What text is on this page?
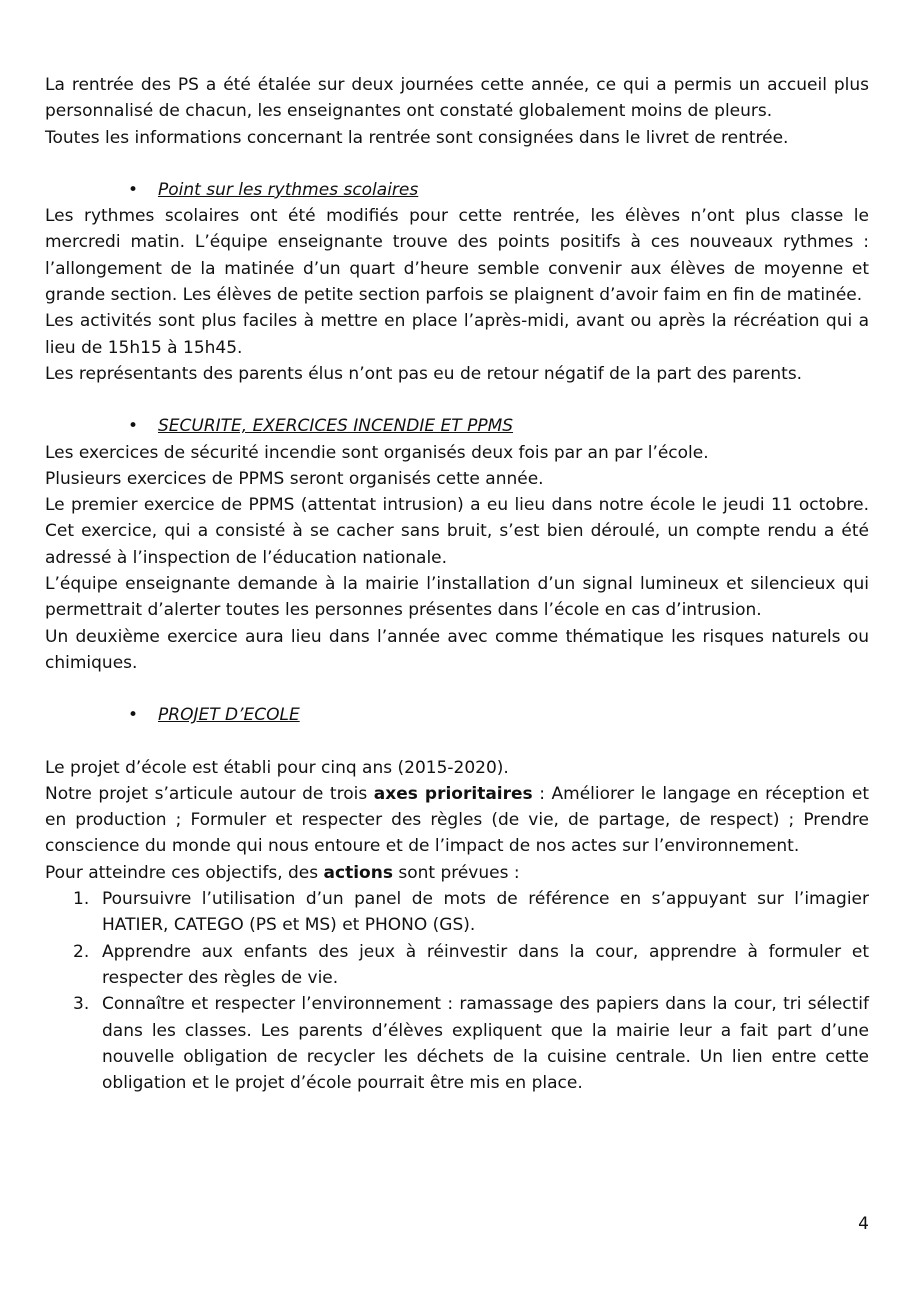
La rentrée des PS a été étalée sur deux journées cette année, ce qui a permis un accueil plus personnalisé de chacun, les enseignantes ont constaté globalement moins de pleurs.

Toutes les informations concernant la rentrée sont consignées dans le livret de rentrée.

• Point sur les rythmes scolaires

Les rythmes scolaires ont été modifiés pour cette rentrée, les élèves n’ont plus classe le mercredi matin. L’équipe enseignante trouve des points positifs à ces nouveaux rythmes : l’allongement de la matinée d’un quart d’heure semble convenir aux élèves de moyenne et grande section. Les élèves de petite section parfois se plaignent d’avoir faim en fin de matinée.

Les activités sont plus faciles à mettre en place l’après-midi, avant ou après la récréation qui a lieu de 15h15 à 15h45.

Les représentants des parents élus n’ont pas eu de retour négatif de la part des parents.

• SECURITE, EXERCICES INCENDIE ET PPMS

Les exercices de sécurité incendie sont organisés deux fois par an par l’école.

Plusieurs exercices de PPMS seront organisés cette année.

Le premier exercice de PPMS (attentat intrusion) a eu lieu dans notre école le jeudi 11 octobre. Cet exercice, qui a consisté à se cacher sans bruit, s’est bien déroulé, un compte rendu a été adressé à l’inspection de l’éducation nationale.

L’équipe enseignante demande à la mairie l’installation d’un signal lumineux et silencieux qui permettrait d’alerter toutes les personnes présentes dans l’école en cas d’intrusion.

Un deuxième exercice aura lieu dans l’année avec comme thématique les risques naturels ou chimiques.

• PROJET D’ECOLE

Le projet d’école est établi pour cinq ans (2015-2020).

Notre projet s’articule autour de trois axes prioritaires : Améliorer le langage en réception et en production ; Formuler et respecter des règles (de vie, de partage, de respect) ; Prendre conscience du monde qui nous entoure et de l’impact de nos actes sur l’environnement.

Pour atteindre ces objectifs, des actions sont prévues :

1. Poursuivre l’utilisation d’un panel de mots de référence en s’appuyant sur l’imagier HATIER, CATEGO (PS et MS) et PHONO (GS).
2. Apprendre aux enfants des jeux à réinvestir dans la cour, apprendre à formuler et respecter des règles de vie.
3. Connaître et respecter l’environnement : ramassage des papiers dans la cour, tri sélectif dans les classes. Les parents d’élèves expliquent que la mairie leur a fait part d’une nouvelle obligation de recycler les déchets de la cuisine centrale. Un lien entre cette obligation et le projet d’école pourrait être mis en place.
4
